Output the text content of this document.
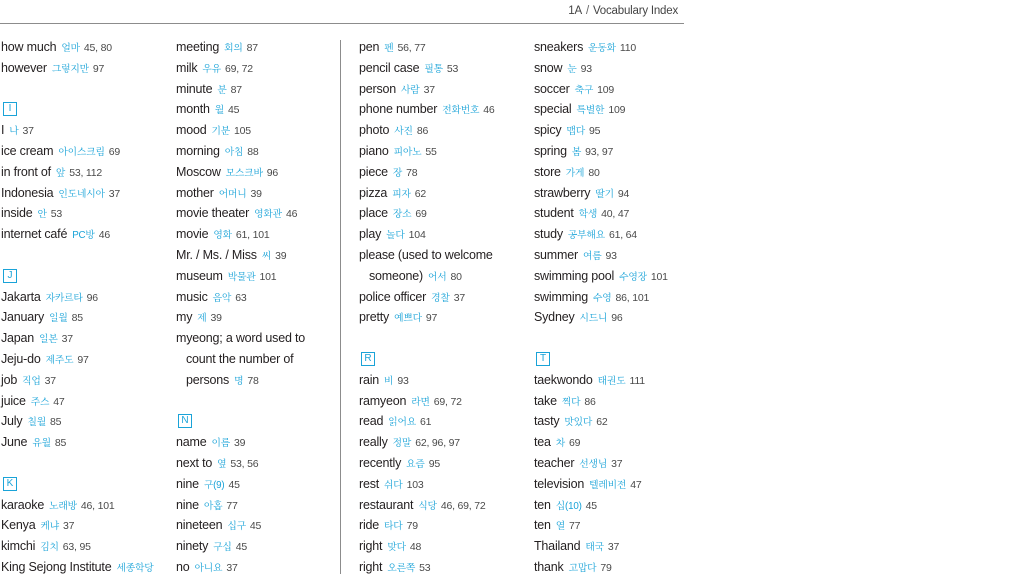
1A / Vocabulary Index
how much 얼마 45, 80
however 그렇지만 97
I
I 나 37
ice cream 아이스크림 69
in front of 앞 53, 112
Indonesia 인도네시아 37
inside 안 53
internet café PC방 46
J
Jakarta 자카르타 96
January 일월 85
Japan 일본 37
Jeju-do 제주도 97
job 직업 37
juice 주스 47
July 칠월 85
June 유월 85
K
karaoke 노래방 46, 101
Kenya 케냐 37
kimchi 김치 63, 95
King Sejong Institute 세종학당
meeting 회의 87
milk 우유 69, 72
minute 분 87
month 월 45
mood 기분 105
morning 아침 88
Moscow 모스크바 96
mother 어머니 39
movie theater 영화관 46
movie 영화 61, 101
Mr. / Ms. / Miss 씨 39
museum 박물관 101
music 음악 63
my 제 39
myeong; a word used to
count the number of
persons 명 78
N
name 이름 39
next to 옆 53, 56
nine 구(9) 45
nine 아홉 77
nineteen 십구 45
ninety 구십 45
no 아니요 37
pen 펜 56, 77
pencil case 필통 53
person 사람 37
phone number 전화번호 46
photo 사진 86
piano 피아노 55
piece 장 78
pizza 피자 62
place 장소 69
play 놀다 104
please (used to welcome
someone) 어서 80
police officer 경찰 37
pretty 예쁘다 97
R
rain 비 93
ramyeon 라면 69, 72
read 읽어요 61
really 정말 62, 96, 97
recently 요즘 95
rest 쉬다 103
restaurant 식당 46, 69, 72
ride 타다 79
right 맞다 48
right 오른쪽 53
sneakers 운동화 110
snow 눈 93
soccer 축구 109
special 특별한 109
spicy 맵다 95
spring 봄 93, 97
store 가게 80
strawberry 딸기 94
student 학생 40, 47
study 공부해요 61, 64
summer 여름 93
swimming pool 수영장 101
swimming 수영 86, 101
Sydney 시드니 96
T
taekwondo 태권도 111
take 찍다 86
tasty 맛있다 62
tea 차 69
teacher 선생님 37
television 텔레비전 47
ten 십(10) 45
ten 열 77
Thailand 태국 37
thank 고맙다 79
